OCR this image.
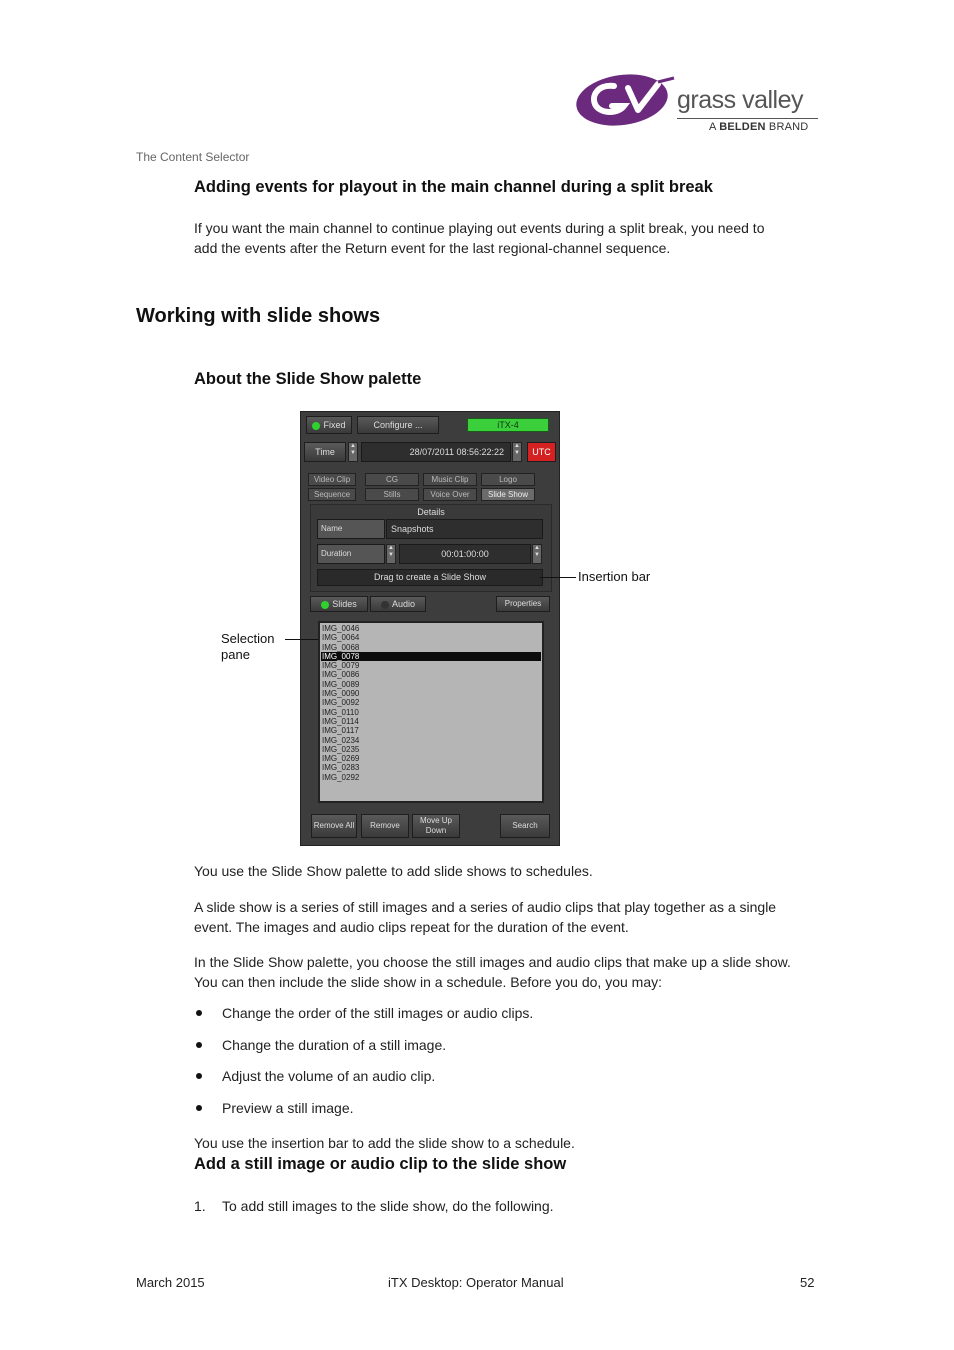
grass valley
A BELDEN BRAND
The Content Selector
Adding events for playout in the main channel during a split break

If you want the main channel to continue playing out events during a split break, you need to
add the events after the Return event for the last regional-channel sequence.

Working with slide shows
About the Slide Show palette
Fixed	Configure ...	iTX-4
Time
▲
▼	28/07/2011 08:56:22:22
▲
▼	UTC
Video Clip	CG	Music Clip	Logo
Sequence	Stills	Voice Over	Slide Show
Details
Name	Snapshots
Duration
▲
▼	00:01:00:00
▲
▼
Drag to create a Slide Show
Slides	Audio	Properties
IMG_0046
IMG_0064
IMG_0068
IMG_0078
IMG_0079
IMG_0086
IMG_0089
IMG_0090
IMG_0092
IMG_0110
IMG_0114
IMG_0117
IMG_0234
IMG_0235
IMG_0269
IMG_0283
IMG_0292
Remove All	Remove
Move Up
Down
Search
Insertion bar
Selection
pane

You use the Slide Show palette to add slide shows to schedules.

A slide show is a series of still images and a series of audio clips that play together as a single
event. The images and audio clips repeat for the duration of the event.

In the Slide Show palette, you choose the still images and audio clips that make up a slide show.
You can then include the slide show in a schedule. Before you do, you may:

Change the order of the still images or audio clips.
Change the duration of a still image.
Adjust the volume of an audio clip.
Preview a still image.

You use the insertion bar to add the slide show to a schedule.

Add a still image or audio clip to the slide show
1. To add still images to the slide show, do the following.
March 2015	iTX Desktop: Operator Manual	52
